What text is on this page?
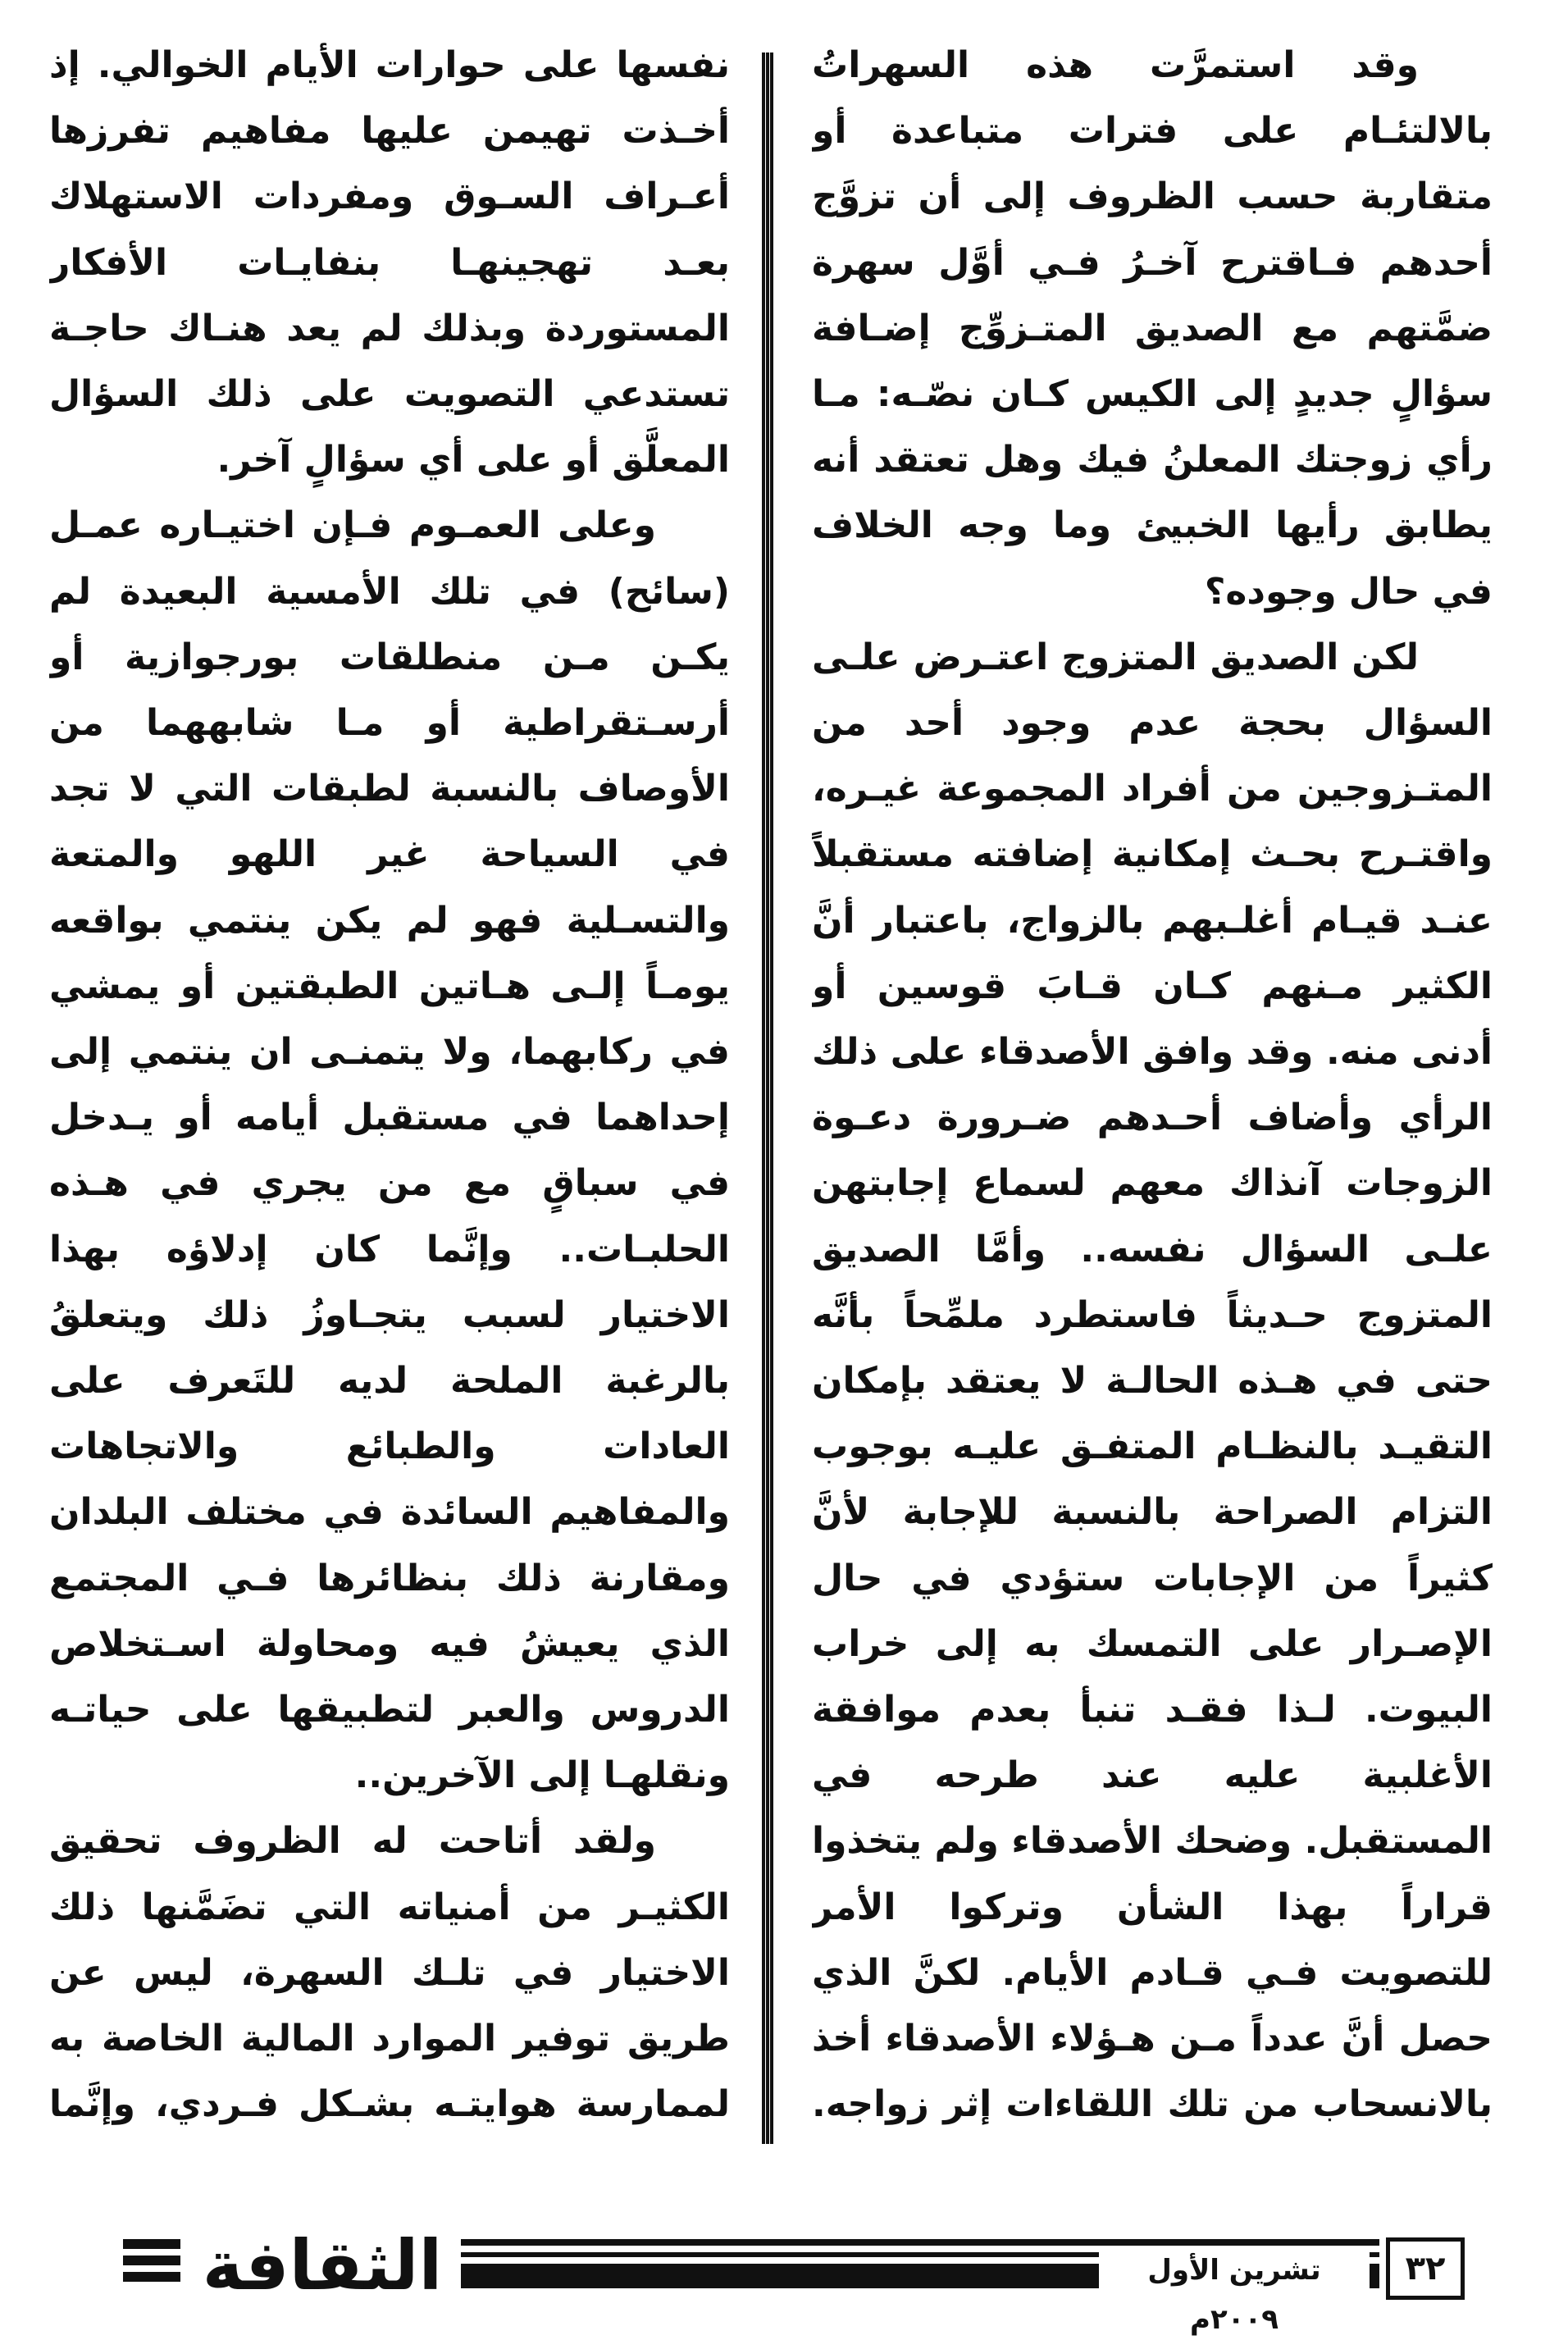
وقد استمرَّت هذه السهراتُ بالالتئـام على فترات متباعدة أو متقاربة حسب الظروف إلى أن تزوَّج أحدهم فـاقترح آخـرُ فـي أوَّل سهرة ضمَّتهم مع الصديق المتـزوِّج إضـافة سؤالٍ جديدٍ إلى الكيس كـان نصّـه: مـا رأي زوجتك المعلنُ فيك وهل تعتقد أنه يطابق رأيها الخبيئ وما وجه الخلاف في حال وجوده؟

لكن الصديق المتزوج اعتـرض علـى السؤال بحجة عدم وجود أحد من المتـزوجين من أفراد المجموعة غيـره، واقتـرح بحـث إمكانية إضافته مستقبلاً عنـد قيـام أغلـبهم بالزواج، باعتبار أنَّ الكثير مـنهم كـان قـابَ قوسين أو أدنى منه. وقد وافق الأصدقاء على ذلك الرأي وأضاف أحـدهم ضـرورة دعـوة الزوجات آنذاك معهم لسماع إجابتهن علـى السؤال نفسه.. وأمَّا الصديق المتزوج حـديثاً فاستطرد ملمِّحاً بأنَّه حتى في هـذه الحالـة لا يعتقد بإمكان التقيـد بالنظـام المتفـق عليـه بوجوب التزام الصراحة بالنسبة للإجابة لأنَّ كثيراً من الإجابات ستؤدي في حال الإصـرار على التمسك به إلى خراب البيوت. لـذا فقـد تنبأ بعدم موافقة الأغلبية عليه عند طرحه في المستقبل. وضحك الأصدقاء ولم يتخذوا قراراً بهذا الشأن وتركوا الأمر للتصويت فـي قـادم الأيام. لكنَّ الذي حصل أنَّ عدداً مـن هـؤلاء الأصدقاء أخذ بالانسحاب من تلك اللقاءات إثر زواجه.

نفسها على حوارات الأيام الخوالي. إذ أخـذت تهيمن عليها مفاهيم تفرزها أعـراف السـوق ومفردات الاستهلاك بعـد تهجينهـا بنفايـات الأفكار المستوردة وبذلك لم يعد هنـاك حاجـة تستدعي التصويت على ذلك السؤال المعلَّق أو على أي سؤالٍ آخر.

وعلى العمـوم فـإن اختيـاره عمـل (سائح) في تلك الأمسية البعيدة لم يكـن مـن منطلقات بورجوازية أو أرسـتقراطية أو مـا شابههما من الأوصاف بالنسبة لطبقات التي لا تجد في السياحة غير اللهو والمتعة والتسـلية فهو لم يكن ينتمي بواقعه يومـاً إلـى هـاتين الطبقتين أو يمشي في ركابهما، ولا يتمنـى ان ينتمي إلى إحداهما في مستقبل أيامه أو يـدخل في سباقٍ مع من يجري في هـذه الحلبـات.. وإنَّما كان إدلاؤه بهذا الاختيار لسبب يتجـاوزُ ذلك ويتعلقُ بالرغبة الملحة لديه للتَعرف على العادات والطبائع والاتجاهات والمفاهيم السائدة في مختلف البلدان ومقارنة ذلك بنظائرها فـي المجتمع الذي يعيشُ فيه ومحاولة اسـتخلاص الدروس والعبر لتطبيقها على حياتـه ونقلهـا إلى الآخرين..

ولقد أتاحت له الظروف تحقيق الكثيـر من أمنياته التي تضَمَّنها ذلك الاختيار في تلـك السهرة، ليس عن طريق توفير الموارد المالية الخاصة به لممارسة هوايتـه بشـكل فـردي، وإنَّما

الثقافة	تشرين الأول ٢٠٠٩م
٣٢
